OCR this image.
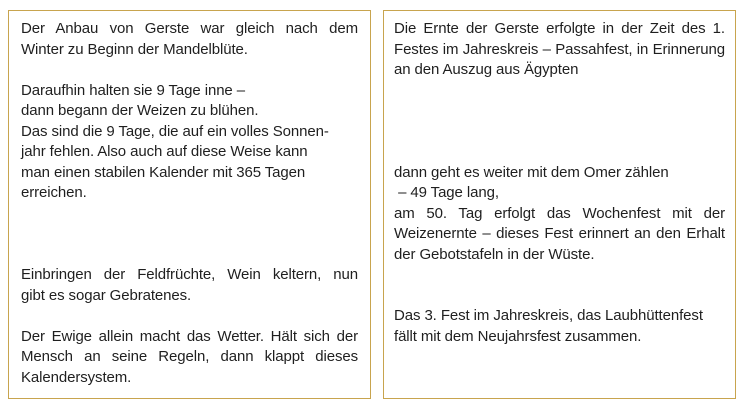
Der Anbau von Gerste war gleich nach dem
Winter zu Beginn der Mandelblüte.
Daraufhin halten sie 9 Tage inne –
dann begann der Weizen zu blühen.
Das sind die 9 Tage, die auf ein volles Sonnen-
jahr fehlen. Also auch auf diese Weise kann
man einen stabilen Kalender mit 365 Tagen
erreichen.
Einbringen der Feldfrüchte, Wein keltern, nun
gibt es sogar Gebratenes.
Der Ewige allein macht das Wetter. Hält sich der
Mensch an seine Regeln, dann klappt dieses
Kalendersystem.
Die Ernte der Gerste erfolgte in der Zeit des 1.
Festes im Jahreskreis – Passahfest, in Erinnerung
an den Auszug aus Ägypten
dann geht es weiter mit dem Omer zählen
– 49 Tage lang,
am 50. Tag erfolgt das Wochenfest mit der
Weizenernte – dieses Fest erinnert an den Erhalt
der Gebotstafeln in der Wüste.
Das 3. Fest im Jahreskreis, das Laubhüttenfest
fällt mit dem Neujahrsfest zusammen.
